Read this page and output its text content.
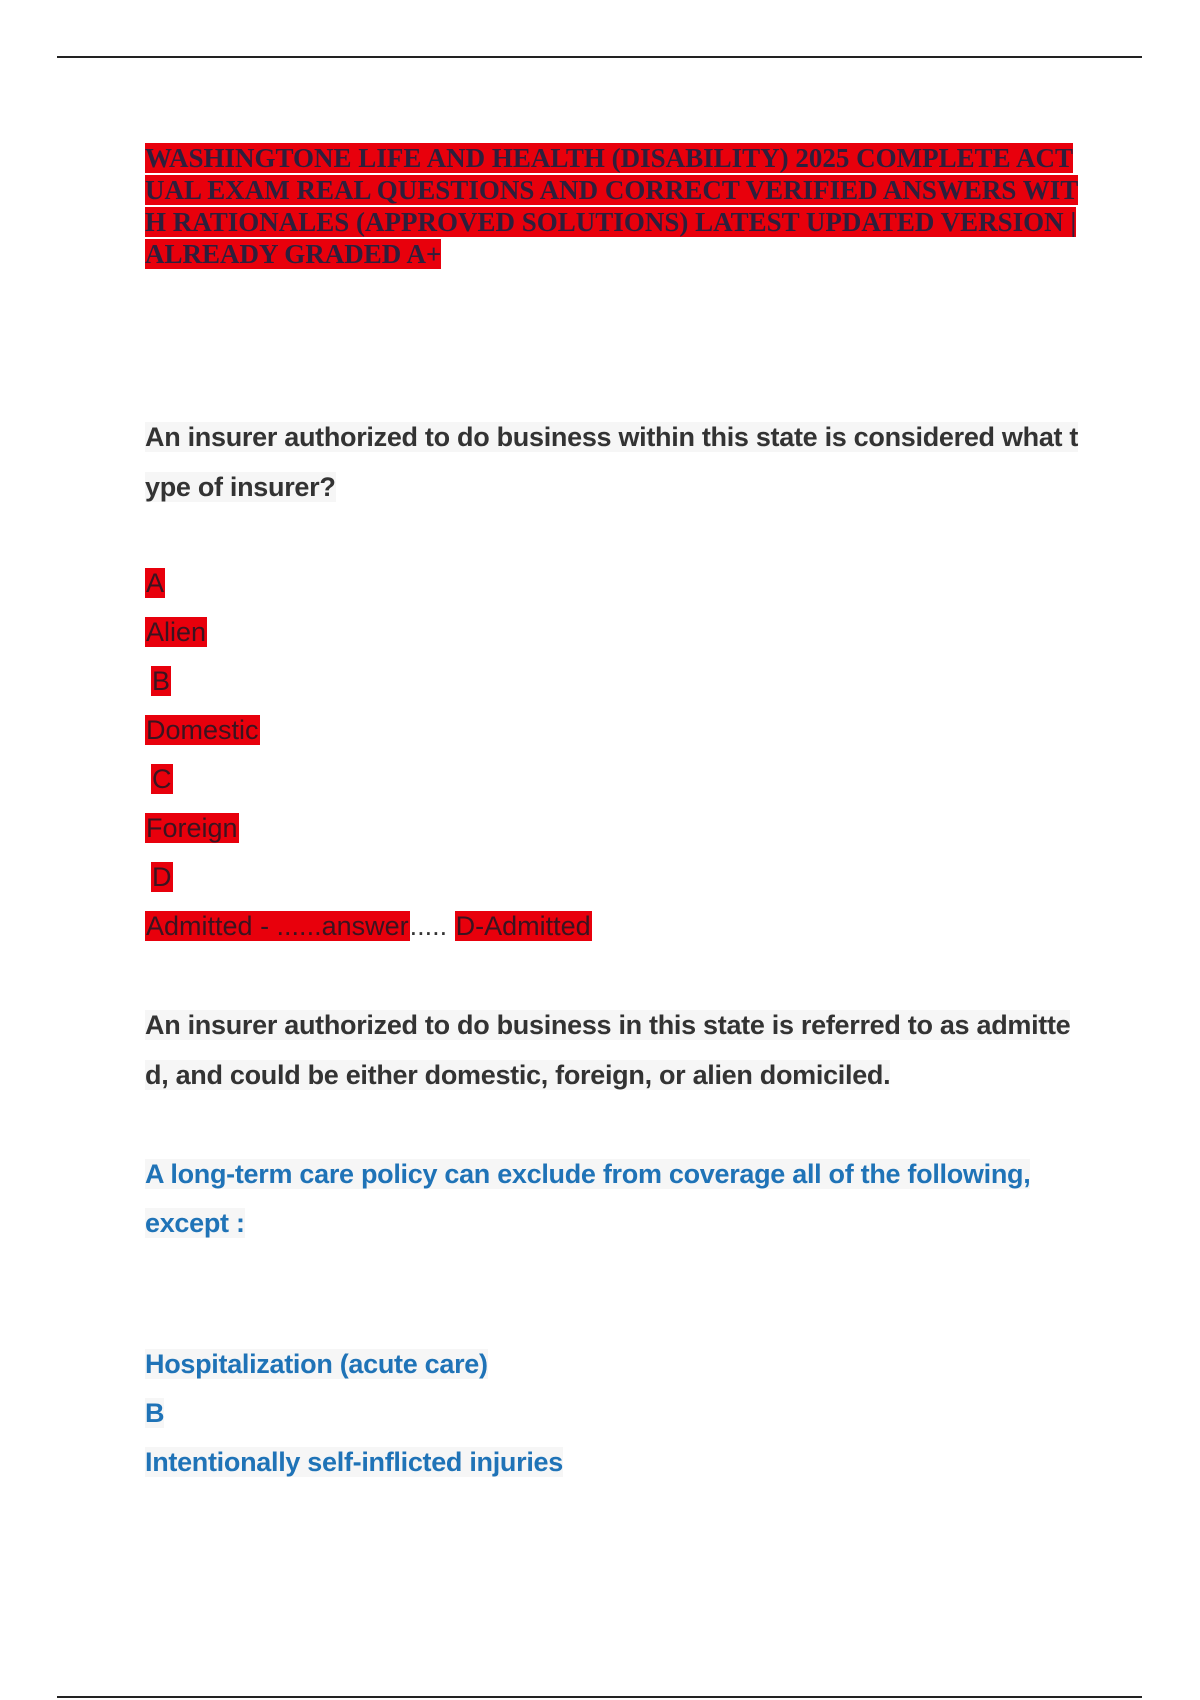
WASHINGTONE LIFE AND HEALTH (DISABILITY) 2025 COMPLETE ACTUAL EXAM REAL QUESTIONS AND CORRECT VERIFIED ANSWERS WITH RATIONALES (APPROVED SOLUTIONS) LATEST UPDATED VERSION |ALREADY GRADED A+
An insurer authorized to do business within this state is considered what type of insurer?
A
Alien
B
Domestic
C
Foreign
D
Admitted - ......answer..... D-Admitted
An insurer authorized to do business in this state is referred to as admitted, and could be either domestic, foreign, or alien domiciled.
A long-term care policy can exclude from coverage all of the following, except :
Hospitalization (acute care)
B
Intentionally self-inflicted injuries
